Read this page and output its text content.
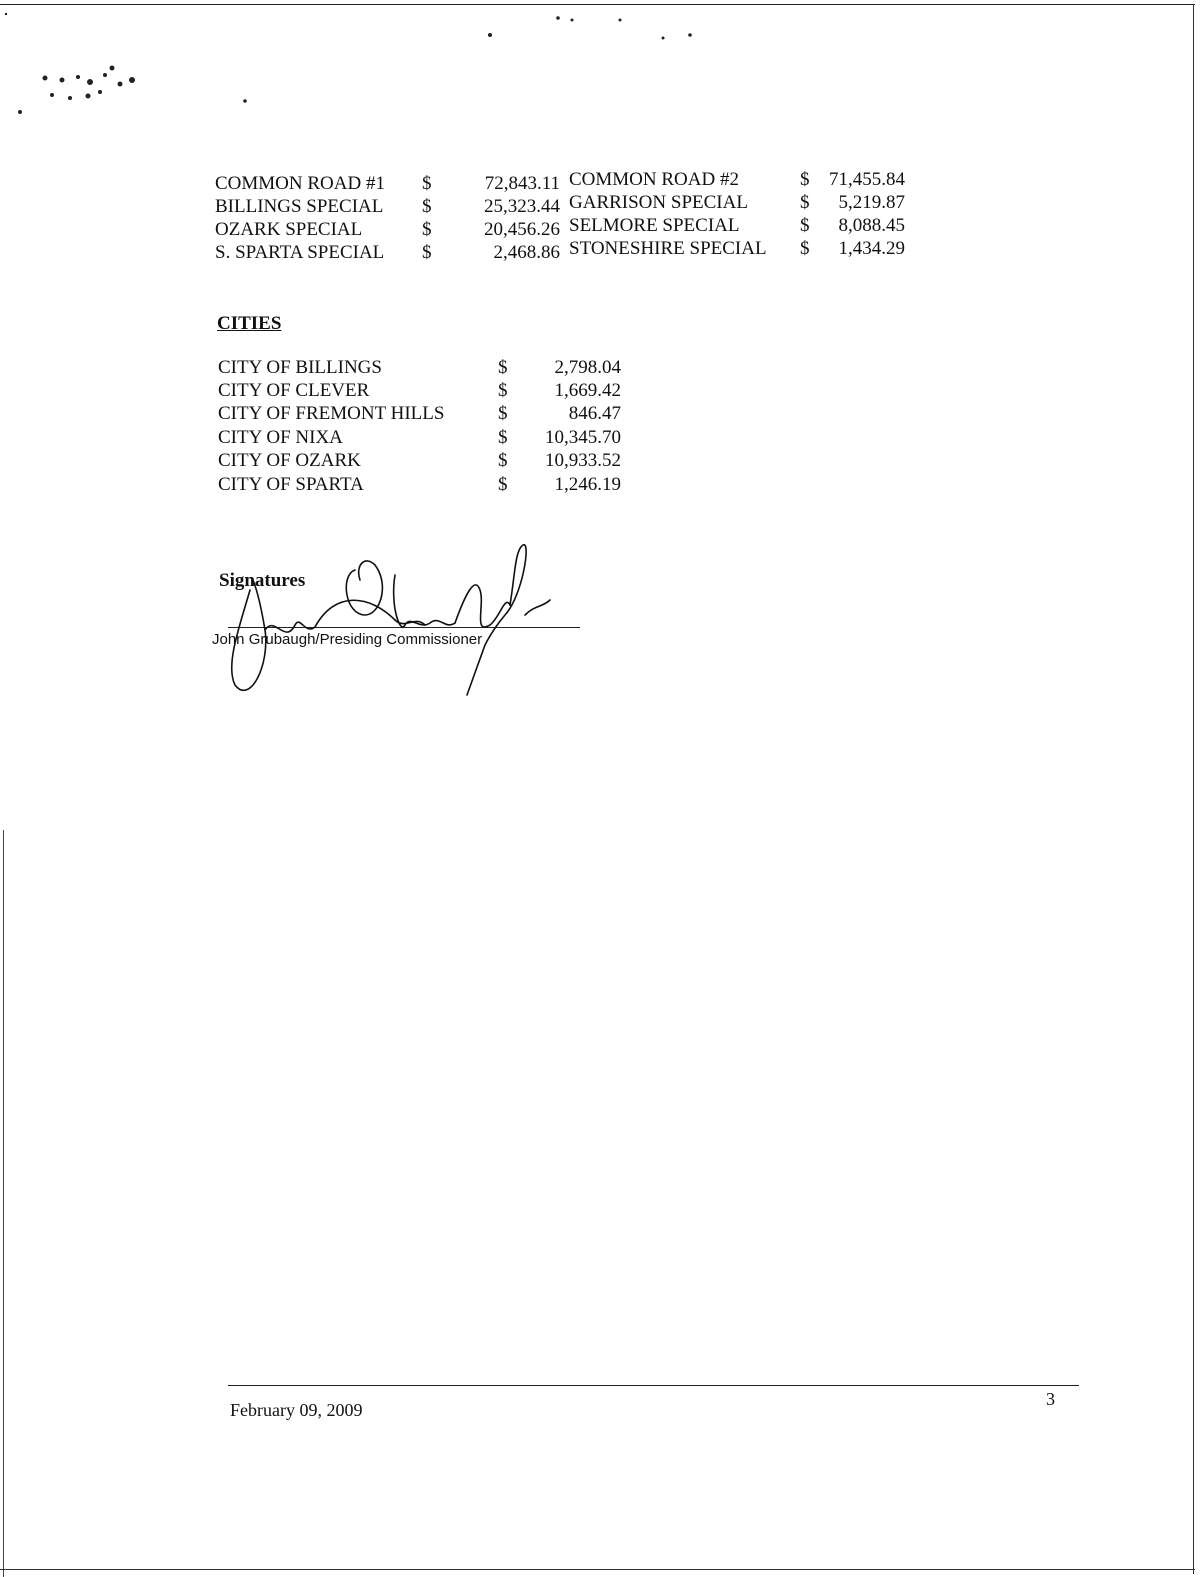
COMMON ROAD #1 $	72,843.11
BILLINGS SPECIAL $	25,323.44
OZARK SPECIAL	$	20,456.26
S. SPARTA SPECIAL $	2,468.86
COMMON ROAD #2	$	71,455.84
GARRISON SPECIAL	$	5,219.87
SELMORE SPECIAL	$	8,088.45
STONESHIRE SPECIAL $	1,434.29
CITIES
CITY OF BILLINGS	$	2,798.04
CITY OF CLEVER	$	1,669.42
CITY OF FREMONT HILLS	$	846.47
CITY OF NIXA	$	10,345.70
CITY OF OZARK	$	10,933.52
CITY OF SPARTA	$	1,246.19
Signatures
John Grubaugh/Presiding Commissioner
February 09, 2009
3
